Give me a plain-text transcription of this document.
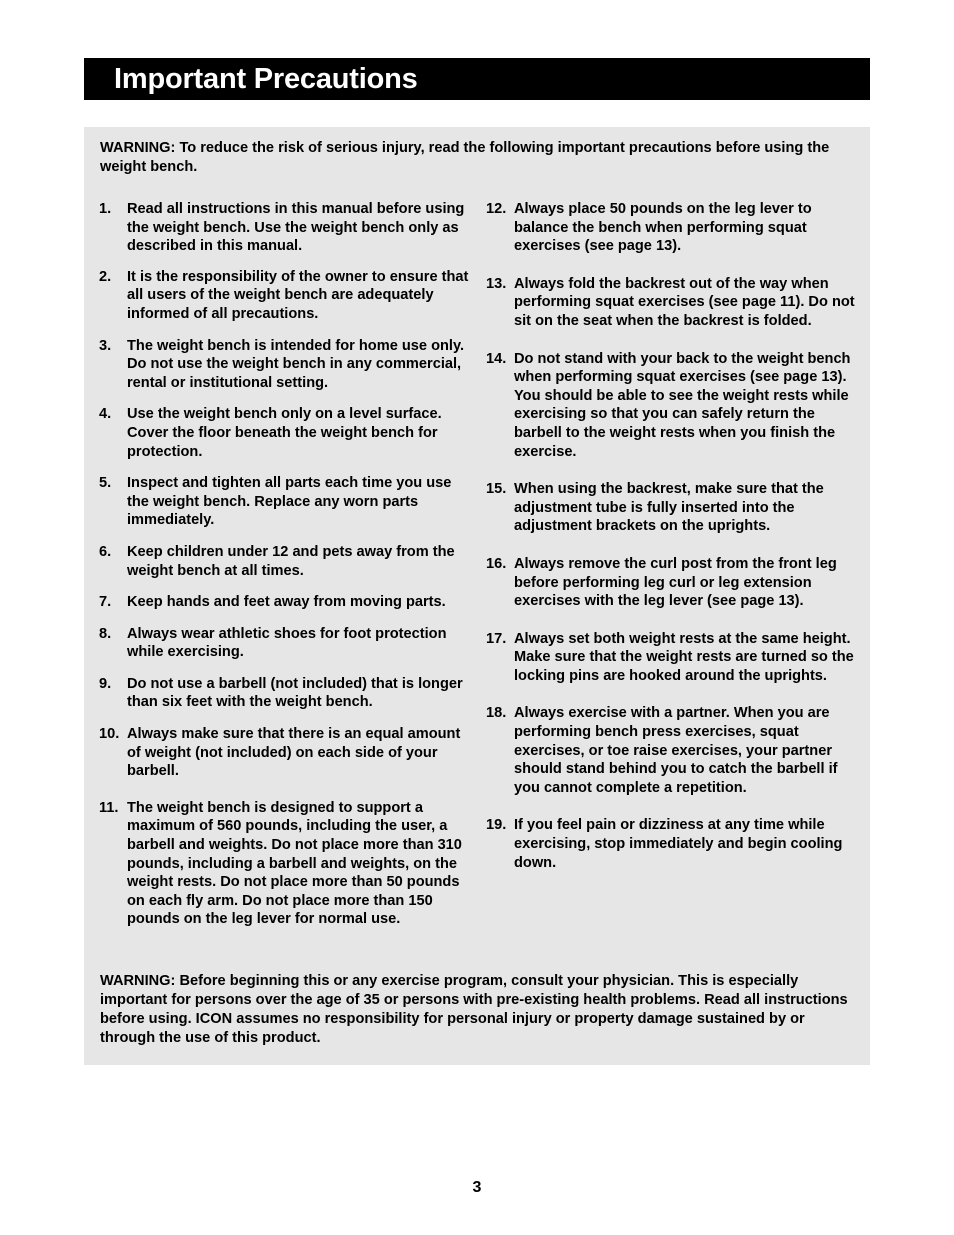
Important Precautions
WARNING: To reduce the risk of serious injury, read the following important precautions before using the weight bench.
1. Read all instructions in this manual before using the weight bench. Use the weight bench only as described in this manual.
2. It is the responsibility of the owner to ensure that all users of the weight bench are adequately informed of all precautions.
3. The weight bench is intended for home use only. Do not use the weight bench in any commercial, rental or institutional setting.
4. Use the weight bench only on a level surface. Cover the floor beneath the weight bench for protection.
5. Inspect and tighten all parts each time you use the weight bench. Replace any worn parts immediately.
6. Keep children under 12 and pets away from the weight bench at all times.
7. Keep hands and feet away from moving parts.
8. Always wear athletic shoes for foot protection while exercising.
9. Do not use a barbell (not included) that is longer than six feet with the weight bench.
10. Always make sure that there is an equal amount of weight (not included) on each side of your barbell.
11. The weight bench is designed to support a maximum of 560 pounds, including the user, a barbell and weights. Do not place more than 310 pounds, including a barbell and weights, on the weight rests. Do not place more than 50 pounds on each fly arm. Do not place more than 150 pounds on the leg lever for normal use.
12. Always place 50 pounds on the leg lever to balance the bench when performing squat exercises (see page 13).
13. Always fold the backrest out of the way when performing squat exercises (see page 11). Do not sit on the seat when the backrest is folded.
14. Do not stand with your back to the weight bench when performing squat exercises (see page 13). You should be able to see the weight rests while exercising so that you can safely return the barbell to the weight rests when you finish the exercise.
15. When using the backrest, make sure that the adjustment tube is fully inserted into the adjustment brackets on the uprights.
16. Always remove the curl post from the front leg before performing leg curl or leg extension exercises with the leg lever (see page 13).
17. Always set both weight rests at the same height. Make sure that the weight rests are turned so the locking pins are hooked around the uprights.
18. Always exercise with a partner. When you are performing bench press exercises, squat exercises, or toe raise exercises, your partner should stand behind you to catch the barbell if you cannot complete a repetition.
19. If you feel pain or dizziness at any time while exercising, stop immediately and begin cooling down.
WARNING: Before beginning this or any exercise program, consult your physician. This is especially important for persons over the age of 35 or persons with pre-existing health problems. Read all instructions before using. ICON assumes no responsibility for personal injury or property damage sustained by or through the use of this product.
3
